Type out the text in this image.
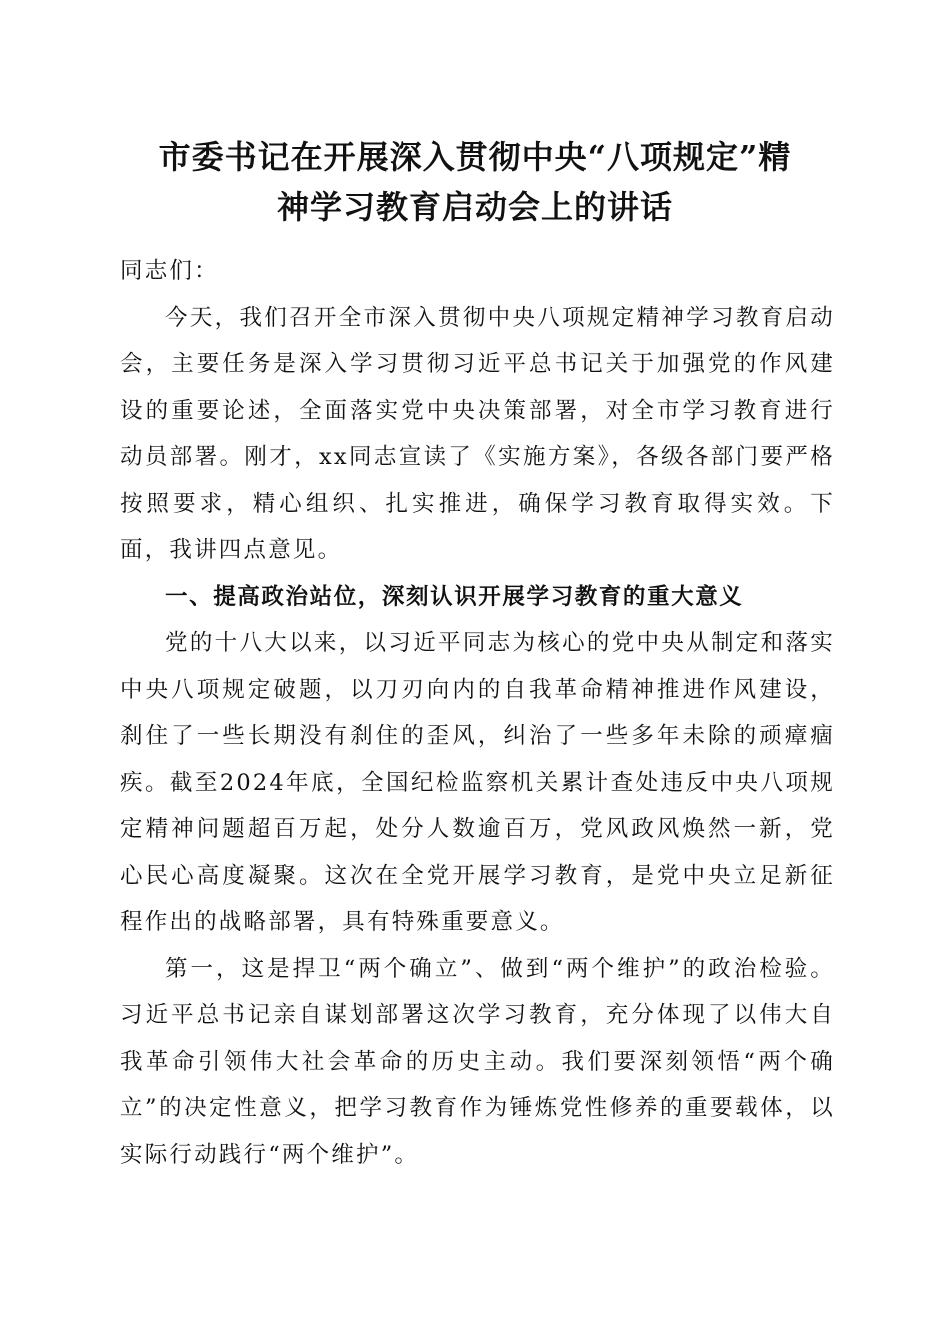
市委书记在开展深入贯彻中央“八项规定”精
神学习教育启动会上的讲话

同志们：

今天，我们召开全市深入贯彻中央八项规定精神学习教育启动会，主要任务是深入学习贯彻习近平总书记关于加强党的作风建设的重要论述，全面落实党中央决策部署，对全市学习教育进行动员部署。刚才，xx同志宣读了《实施方案》，各级各部门要严格按照要求，精心组织、扎实推进，确保学习教育取得实效。下面，我讲四点意见。

一、提高政治站位，深刻认识开展学习教育的重大意义

党的十八大以来，以习近平同志为核心的党中央从制定和落实中央八项规定破题，以刀刃向内的自我革命精神推进作风建设，刹住了一些长期没有刹住的歪风，纠治了一些多年未除的顽瘴痼疾。截至2024年底，全国纪检监察机关累计查处违反中央八项规定精神问题超百万起，处分人数逾百万，党风政风焕然一新，党心民心高度凝聚。这次在全党开展学习教育，是党中央立足新征程作出的战略部署，具有特殊重要意义。

第一，这是捍卫“两个确立”、做到“两个维护”的政治检验。习近平总书记亲自谋划部署这次学习教育，充分体现了以伟大自我革命引领伟大社会革命的历史主动。我们要深刻领悟“两个确立”的决定性意义，把学习教育作为锤炼党性修养的重要载体，以实际行动践行“两个维护”。
